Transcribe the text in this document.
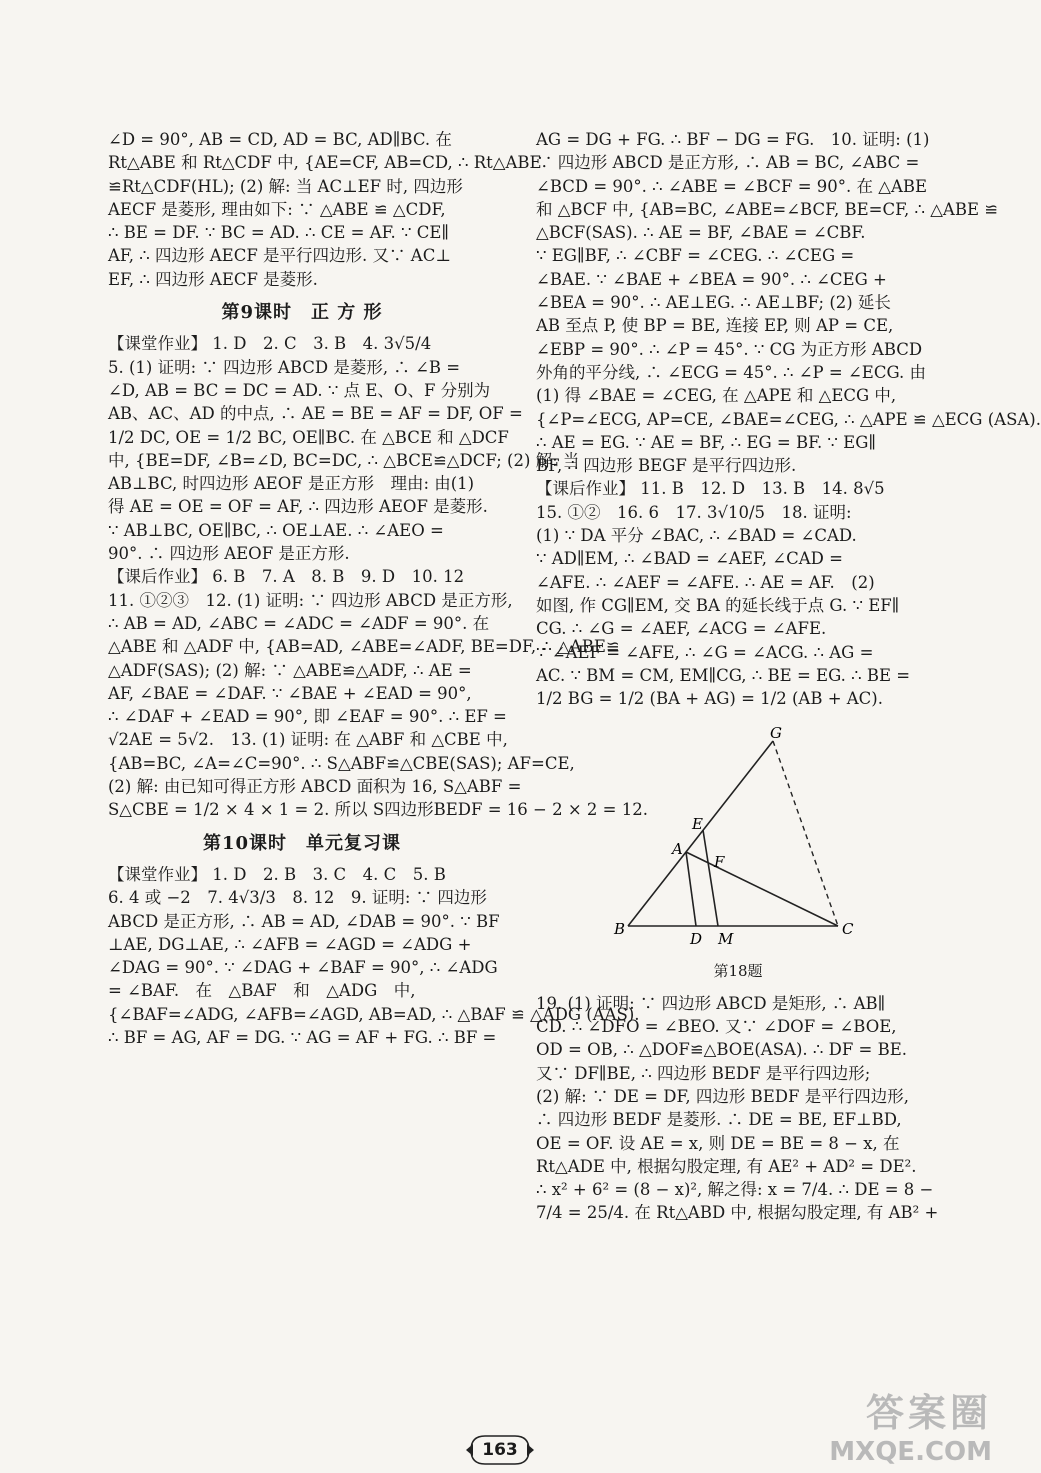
∠D = 90°, AB = CD, AD = BC, AD∥BC. 在
Rt△ABE 和 Rt△CDF 中, {AE=CF, AB=CD, ∴ Rt△ABE
≌Rt△CDF(HL); (2) 解: 当 AC⊥EF 时, 四边形
AECF 是菱形, 理由如下: ∵ △ABE ≌ △CDF,
∴ BE = DF. ∵ BC = AD. ∴ CE = AF. ∵ CE∥
AF, ∴ 四边形 AECF 是平行四边形. 又∵ AC⊥
EF, ∴ 四边形 AECF 是菱形.
第9课时　正 方 形
【课堂作业】 1. D　2. C　3. B　4. 3√5/4
5. (1) 证明: ∵ 四边形 ABCD 是菱形, ∴ ∠B =
∠D, AB = BC = DC = AD. ∵ 点 E、O、F 分别为
AB、AC、AD 的中点, ∴ AE = BE = AF = DF, OF =
1/2 DC, OE = 1/2 BC, OE∥BC. 在 △BCE 和 △DCF
中, {BE=DF, ∠B=∠D, BC=DC, ∴ △BCE≌△DCF; (2) 解: 当
AB⊥BC, 时四边形 AEOF 是正方形　理由: 由(1)
得 AE = OE = OF = AF, ∴ 四边形 AEOF 是菱形.
∵ AB⊥BC, OE∥BC, ∴ OE⊥AE. ∴ ∠AEO =
90°. ∴ 四边形 AEOF 是正方形.
【课后作业】 6. B　7. A　8. B　9. D　10. 12
11. ①②③　12. (1) 证明: ∵ 四边形 ABCD 是正方形,
∴ AB = AD, ∠ABC = ∠ADC = ∠ADF = 90°. 在
△ABE 和 △ADF 中, {AB=AD, ∠ABE=∠ADF, BE=DF, ∴ △ABE≌
△ADF(SAS); (2) 解: ∵ △ABE≌△ADF, ∴ AE =
AF, ∠BAE = ∠DAF. ∵ ∠BAE + ∠EAD = 90°,
∴ ∠DAF + ∠EAD = 90°, 即 ∠EAF = 90°. ∴ EF =
√2AE = 5√2.　13. (1) 证明: 在 △ABF 和 △CBE 中,
{AB=BC, ∠A=∠C=90°. ∴ S△ABF≌△CBE(SAS); AF=CE,
(2) 解: 由已知可得正方形 ABCD 面积为 16, S△ABF =
S△CBE = 1/2 × 4 × 1 = 2. 所以 S四边形BEDF = 16 − 2 × 2 = 12.
第10课时　单元复习课
【课堂作业】 1. D　2. B　3. C　4. C　5. B
6. 4 或 −2　7. 4√3/3　8. 12　9. 证明: ∵ 四边形
ABCD 是正方形, ∴ AB = AD, ∠DAB = 90°. ∵ BF
⊥AE, DG⊥AE, ∴ ∠AFB = ∠AGD = ∠ADG +
∠DAG = 90°. ∵ ∠DAG + ∠BAF = 90°, ∴ ∠ADG
= ∠BAF.　在　△BAF　和　△ADG　中,
{∠BAF=∠ADG, ∠AFB=∠AGD, AB=AD, ∴ △BAF ≌ △ADG (AAS).
∴ BF = AG, AF = DG. ∵ AG = AF + FG. ∴ BF =
AG = DG + FG. ∴ BF − DG = FG.　10. 证明: (1)
∵ 四边形 ABCD 是正方形, ∴ AB = BC, ∠ABC =
∠BCD = 90°. ∴ ∠ABE = ∠BCF = 90°. 在 △ABE
和 △BCF 中, {AB=BC, ∠ABE=∠BCF, BE=CF, ∴ △ABE ≌
△BCF(SAS). ∴ AE = BF, ∠BAE = ∠CBF.
∵ EG∥BF, ∴ ∠CBF = ∠CEG. ∴ ∠CEG =
∠BAE. ∵ ∠BAE + ∠BEA = 90°. ∴ ∠CEG +
∠BEA = 90°. ∴ AE⊥EG. ∴ AE⊥BF; (2) 延长
AB 至点 P, 使 BP = BE, 连接 EP, 则 AP = CE,
∠EBP = 90°. ∴ ∠P = 45°. ∵ CG 为正方形 ABCD
外角的平分线, ∴ ∠ECG = 45°. ∴ ∠P = ∠ECG. 由
(1) 得 ∠BAE = ∠CEG, 在 △APE 和 △ECG 中,
{∠P=∠ECG, AP=CE, ∠BAE=∠CEG, ∴ △APE ≌ △ECG (ASA).
∴ AE = EG. ∵ AE = BF, ∴ EG = BF. ∵ EG∥
BF, ∴ 四边形 BEGF 是平行四边形.
【课后作业】 11. B　12. D　13. B　14. 8√5
15. ①②　16. 6　17. 3√10/5　18. 证明:
(1) ∵ DA 平分 ∠BAC, ∴ ∠BAD = ∠CAD.
∵ AD∥EM, ∴ ∠BAD = ∠AEF, ∠CAD =
∠AFE. ∴ ∠AEF = ∠AFE. ∴ AE = AF.　(2)
如图, 作 CG∥EM, 交 BA 的延长线于点 G. ∵ EF∥
CG. ∴ ∠G = ∠AEF, ∠ACG = ∠AFE.
∵ ∠AEF = ∠AFE, ∴ ∠G = ∠ACG. ∴ AG =
AC. ∵ BM = CM, EM∥CG, ∴ BE = EG. ∴ BE =
1/2 BG = 1/2 (BA + AG) = 1/2 (AB + AC).
G
E
A
F
B
D M
C
第18题
19. (1) 证明: ∵ 四边形 ABCD 是矩形, ∴ AB∥
CD. ∴ ∠DFO = ∠BEO. 又∵ ∠DOF = ∠BOE,
OD = OB, ∴ △DOF≌△BOE(ASA). ∴ DF = BE.
又∵ DF∥BE, ∴ 四边形 BEDF 是平行四边形;
(2) 解: ∵ DE = DF, 四边形 BEDF 是平行四边形,
∴ 四边形 BEDF 是菱形. ∴ DE = BE, EF⊥BD,
OE = OF. 设 AE = x, 则 DE = BE = 8 − x, 在
Rt△ADE 中, 根据勾股定理, 有 AE² + AD² = DE².
∴ x² + 6² = (8 − x)², 解之得: x = 7/4. ∴ DE = 8 −
7/4 = 25/4. 在 Rt△ABD 中, 根据勾股定理, 有 AB² +
163
答案圈
MXQE.COM
